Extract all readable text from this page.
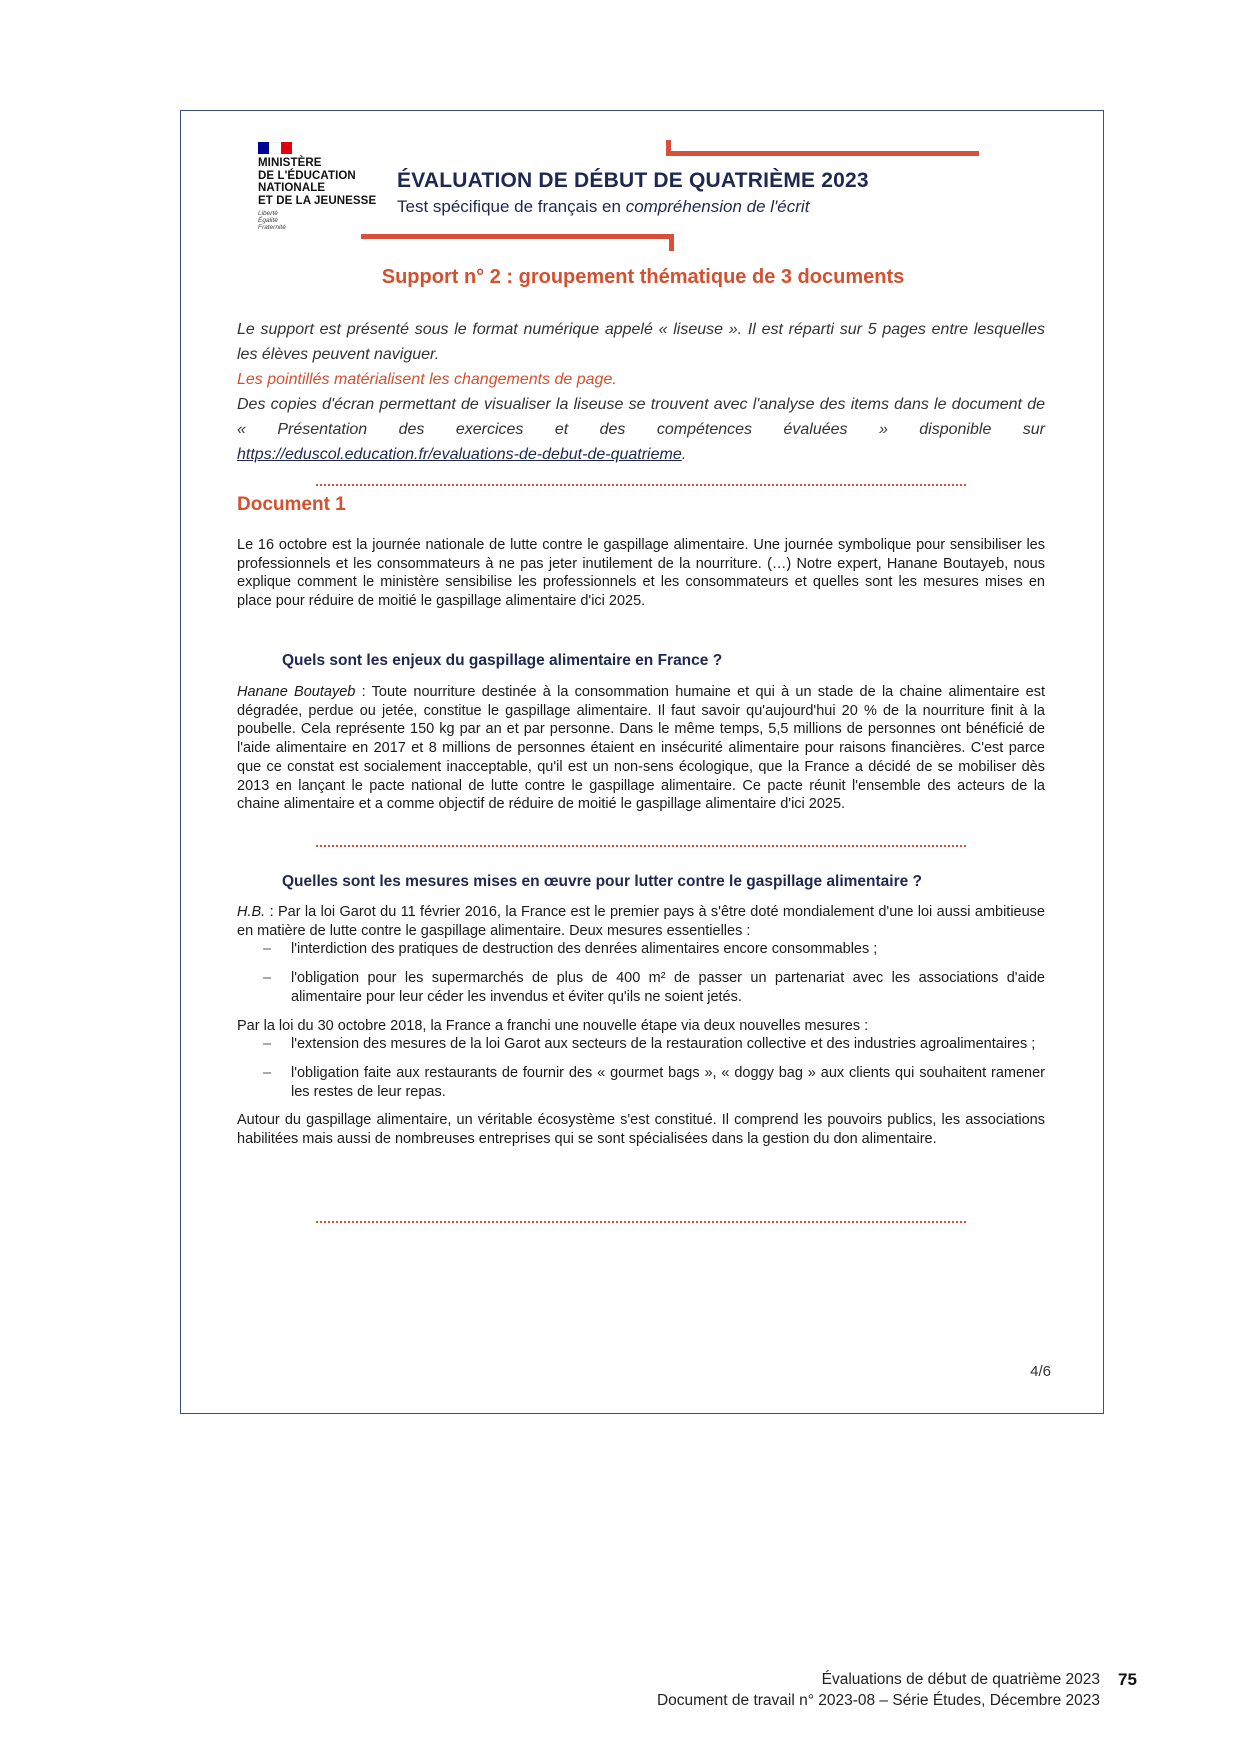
MINISTÈRE
DE L'ÉDUCATION
NATIONALE
ET DE LA JEUNESSE
Liberté
Égalité
Fraternité
ÉVALUATION DE DÉBUT DE QUATRIÈME 2023
Test spécifique de français en compréhension de l'écrit
Support n° 2 : groupement thématique de 3 documents

Le support est présenté sous le format numérique appelé « liseuse ». Il est réparti sur 5 pages entre lesquelles les élèves peuvent naviguer.

Les pointillés matérialisent les changements de page.

Des copies d'écran permettant de visualiser la liseuse se trouvent avec l'analyse des items dans le document de « Présentation des exercices et des compétences évaluées » disponible sur https://eduscol.education.fr/evaluations-de-debut-de-quatrieme.

Document 1

Le 16 octobre est la journée nationale de lutte contre le gaspillage alimentaire. Une journée symbolique pour sensibiliser les professionnels et les consommateurs à ne pas jeter inutilement de la nourriture. (…) Notre expert, Hanane Boutayeb, nous explique comment le ministère sensibilise les professionnels et les consommateurs et quelles sont les mesures mises en place pour réduire de moitié le gaspillage alimentaire d'ici 2025.

Quels sont les enjeux du gaspillage alimentaire en France ?

Hanane Boutayeb : Toute nourriture destinée à la consommation humaine et qui à un stade de la chaine alimentaire est dégradée, perdue ou jetée, constitue le gaspillage alimentaire. Il faut savoir qu'aujourd'hui 20 % de la nourriture finit à la poubelle. Cela représente 150 kg par an et par personne. Dans le même temps, 5,5 millions de personnes ont bénéficié de l'aide alimentaire en 2017 et 8 millions de personnes étaient en insécurité alimentaire pour raisons financières. C'est parce que ce constat est socialement inacceptable, qu'il est un non-sens écologique, que la France a décidé de se mobiliser dès 2013 en lançant le pacte national de lutte contre le gaspillage alimentaire. Ce pacte réunit l'ensemble des acteurs de la chaine alimentaire et a comme objectif de réduire de moitié le gaspillage alimentaire d'ici 2025.

Quelles sont les mesures mises en œuvre pour lutter contre le gaspillage alimentaire ?

H.B. : Par la loi Garot du 11 février 2016, la France est le premier pays à s'être doté mondialement d'une loi aussi ambitieuse en matière de lutte contre le gaspillage alimentaire. Deux mesures essentielles :

– l'interdiction des pratiques de destruction des denrées alimentaires encore consommables ;
– l'obligation pour les supermarchés de plus de 400 m² de passer un partenariat avec les associations d'aide alimentaire pour leur céder les invendus et éviter qu'ils ne soient jetés.

Par la loi du 30 octobre 2018, la France a franchi une nouvelle étape via deux nouvelles mesures :

– l'extension des mesures de la loi Garot aux secteurs de la restauration collective et des industries agroalimentaires ;
– l'obligation faite aux restaurants de fournir des « gourmet bags », « doggy bag » aux clients qui souhaitent ramener les restes de leur repas.

Autour du gaspillage alimentaire, un véritable écosystème s'est constitué. Il comprend les pouvoirs publics, les associations habilitées mais aussi de nombreuses entreprises qui se sont spécialisées dans la gestion du don alimentaire.

4/6
Évaluations de début de quatrième 2023
Document de travail n° 2023-08 – Série Études, Décembre 2023
75
